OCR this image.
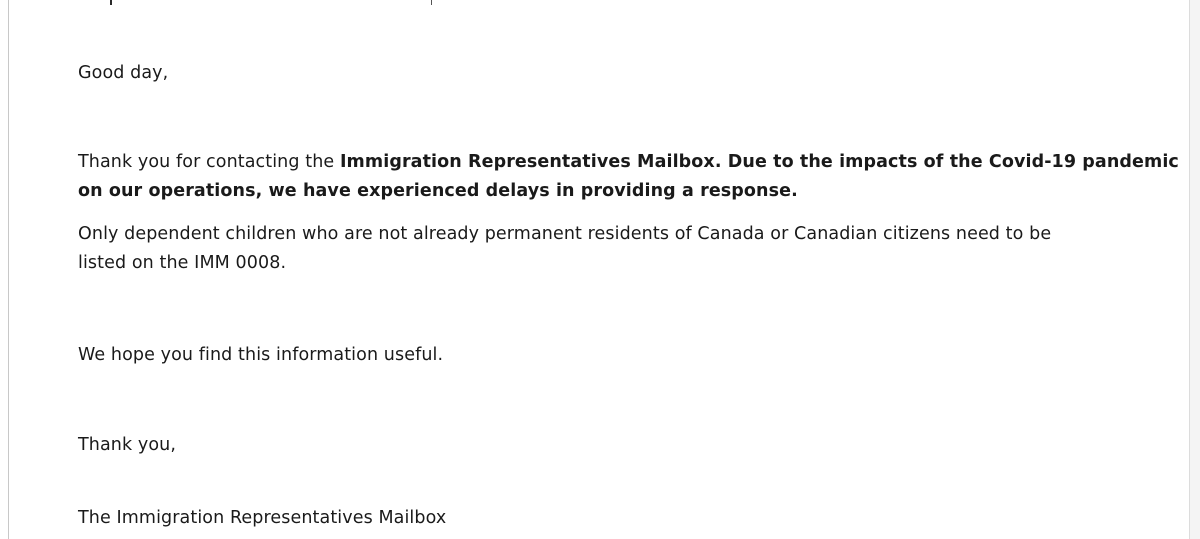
Good day,
Thank you for contacting the Immigration Representatives Mailbox. Due to the impacts of the Covid-19 pandemic
on our operations, we have experienced delays in providing a response.
Only dependent children who are not already permanent residents of Canada or Canadian citizens need to be
listed on the IMM 0008.
We hope you find this information useful.
Thank you,
The Immigration Representatives Mailbox
